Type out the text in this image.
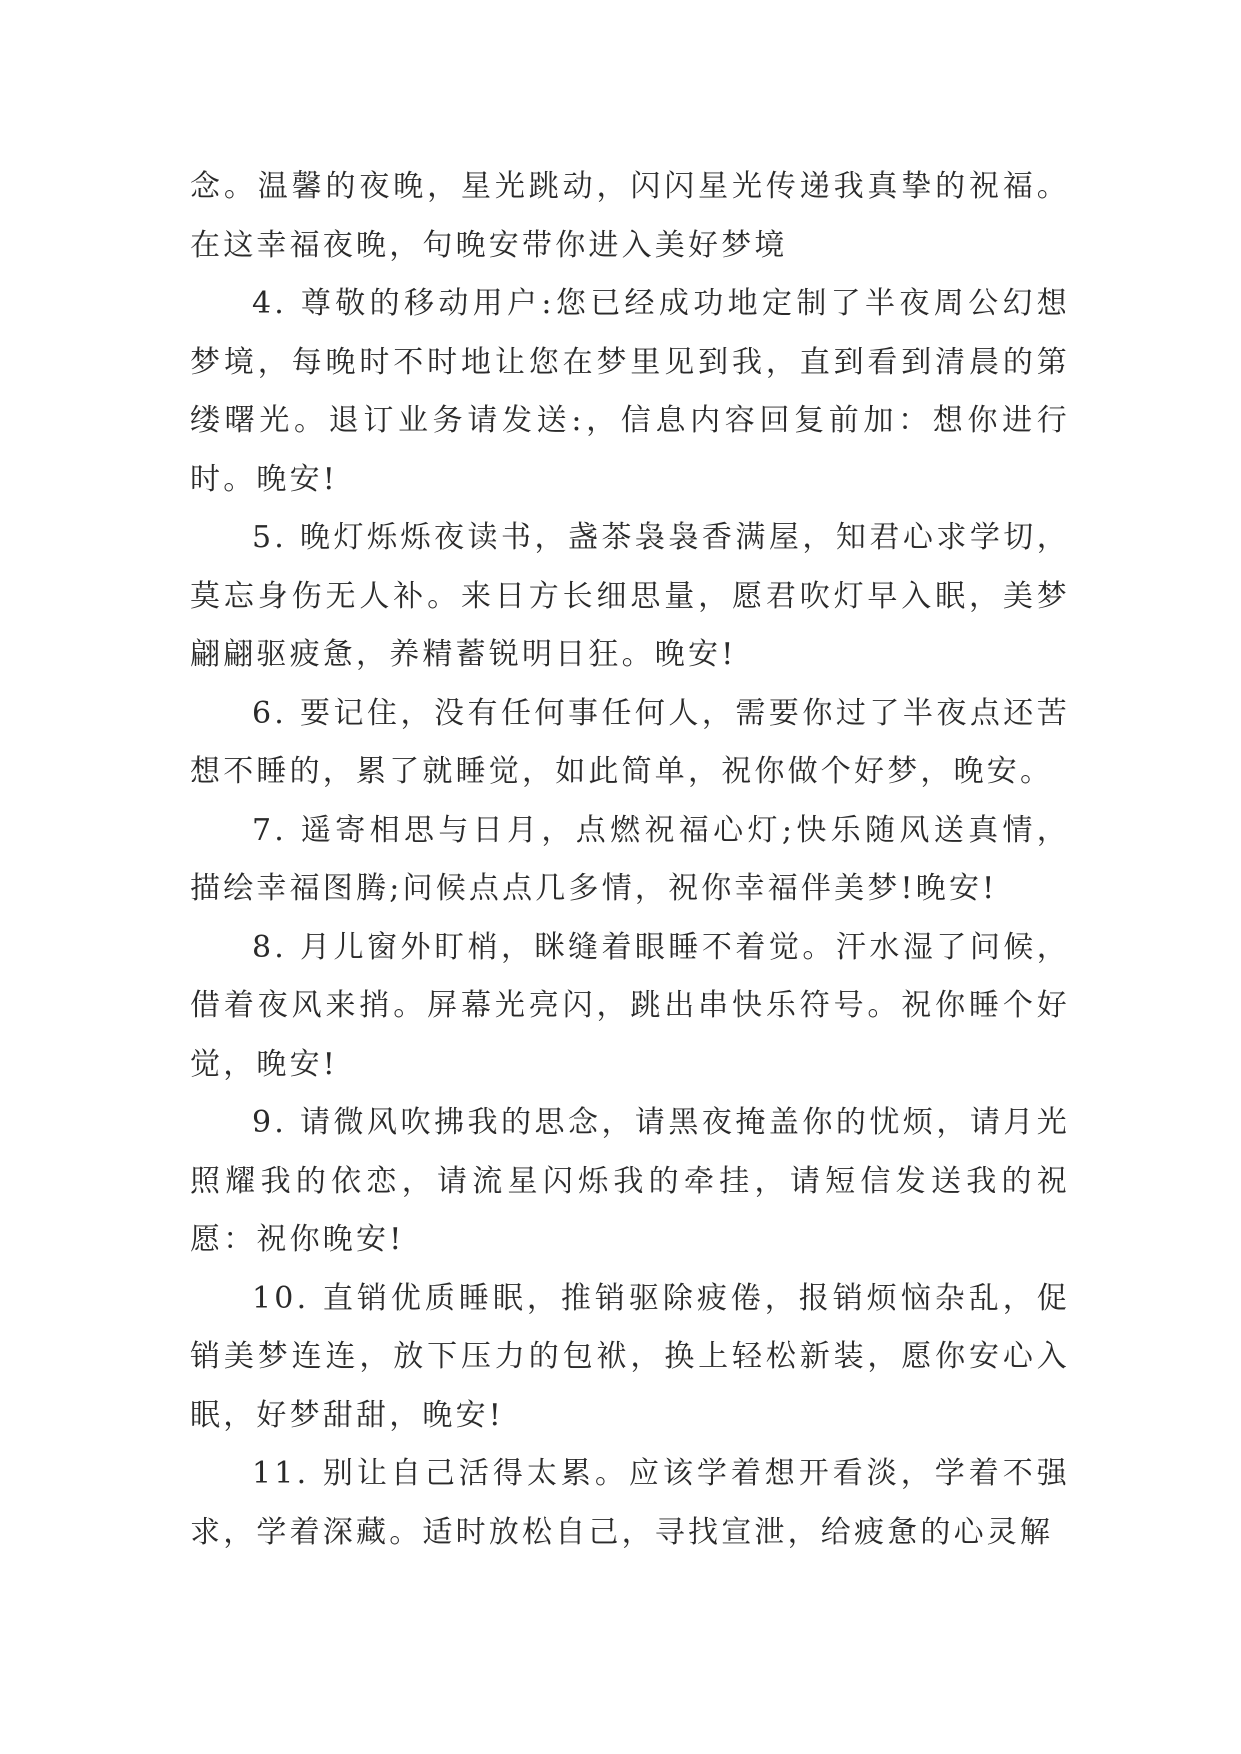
念。温馨的夜晚，星光跳动，闪闪星光传递我真挚的祝福。在这幸福夜晚，句晚安带你进入美好梦境

4. 尊敬的移动用户:您已经成功地定制了半夜周公幻想梦境，每晚时不时地让您在梦里见到我，直到看到清晨的第缕曙光。退订业务请发送:，信息内容回复前加：想你进行时。晚安!

5. 晚灯烁烁夜读书，盏茶袅袅香满屋，知君心求学切，莫忘身伤无人补。来日方长细思量，愿君吹灯早入眠，美梦翩翩驱疲惫，养精蓄锐明日狂。晚安!

6. 要记住，没有任何事任何人，需要你过了半夜点还苦想不睡的，累了就睡觉，如此简单，祝你做个好梦，晚安。

7. 遥寄相思与日月，点燃祝福心灯;快乐随风送真情，描绘幸福图腾;问候点点几多情，祝你幸福伴美梦!晚安!

8. 月儿窗外盯梢，眯缝着眼睡不着觉。汗水湿了问候，借着夜风来捎。屏幕光亮闪，跳出串快乐符号。祝你睡个好觉，晚安!

9. 请微风吹拂我的思念，请黑夜掩盖你的忧烦，请月光照耀我的依恋，请流星闪烁我的牵挂，请短信发送我的祝愿：祝你晚安!

10. 直销优质睡眠，推销驱除疲倦，报销烦恼杂乱，促销美梦连连，放下压力的包袱，换上轻松新装，愿你安心入眠，好梦甜甜，晚安!

11. 别让自己活得太累。应该学着想开看淡，学着不强求，学着深藏。适时放松自己，寻找宣泄，给疲惫的心灵解
